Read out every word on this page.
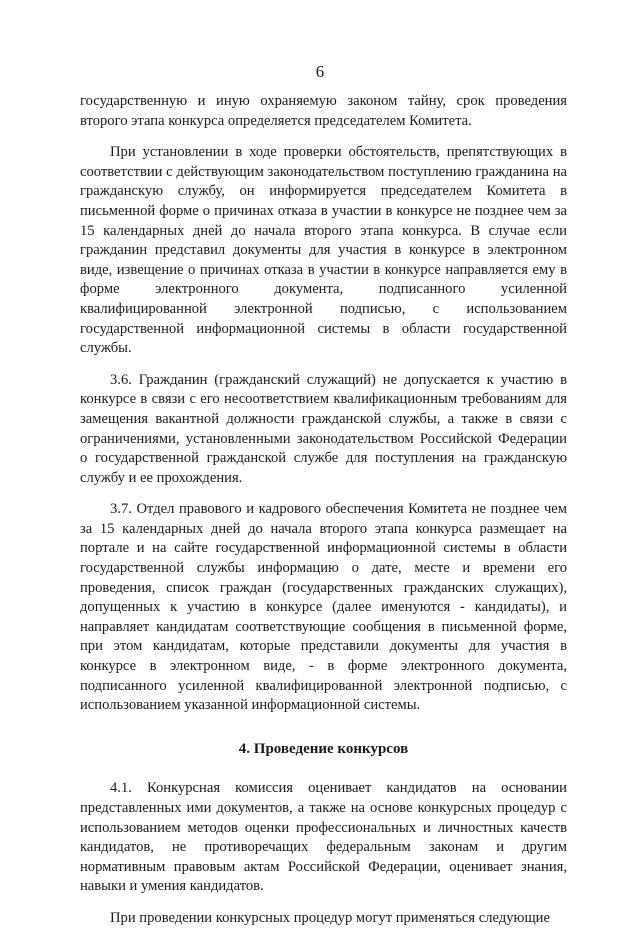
6

государственную и иную охраняемую законом тайну, срок проведения второго этапа конкурса определяется председателем Комитета.

При установлении в ходе проверки обстоятельств, препятствующих в соответствии с действующим законодательством поступлению гражданина на гражданскую службу, он информируется председателем Комитета в письменной форме о причинах отказа в участии в конкурсе не позднее чем за 15 календарных дней до начала второго этапа конкурса. В случае если гражданин представил документы для участия в конкурсе в электронном виде, извещение о причинах отказа в участии в конкурсе направляется ему в форме электронного документа, подписанного усиленной квалифицированной электронной подписью, с использованием государственной информационной системы в области государственной службы.

3.6. Гражданин (гражданский служащий) не допускается к участию в конкурсе в связи с его несоответствием квалификационным требованиям для замещения вакантной должности гражданской службы, а также в связи с ограничениями, установленными законодательством Российской Федерации о государственной гражданской службе для поступления на гражданскую службу и ее прохождения.

3.7. Отдел правового и кадрового обеспечения Комитета не позднее чем за 15 календарных дней до начала второго этапа конкурса размещает на портале и на сайте государственной информационной системы в области государственной службы информацию о дате, месте и времени его проведения, список граждан (государственных гражданских служащих), допущенных к участию в конкурсе (далее именуются - кандидаты), и направляет кандидатам соответствующие сообщения в письменной форме, при этом кандидатам, которые представили документы для участия в конкурсе в электронном виде, - в форме электронного документа, подписанного усиленной квалифицированной электронной подписью, с использованием указанной информационной системы.

4. Проведение конкурсов

4.1. Конкурсная комиссия оценивает кандидатов на основании представленных ими документов, а также на основе конкурсных процедур с использованием методов оценки профессиональных и личностных качеств кандидатов, не противоречащих федеральным законам и другим нормативным правовым актам Российской Федерации, оценивает знания, навыки и умения кандидатов.

При проведении конкурсных процедур могут применяться следующие
